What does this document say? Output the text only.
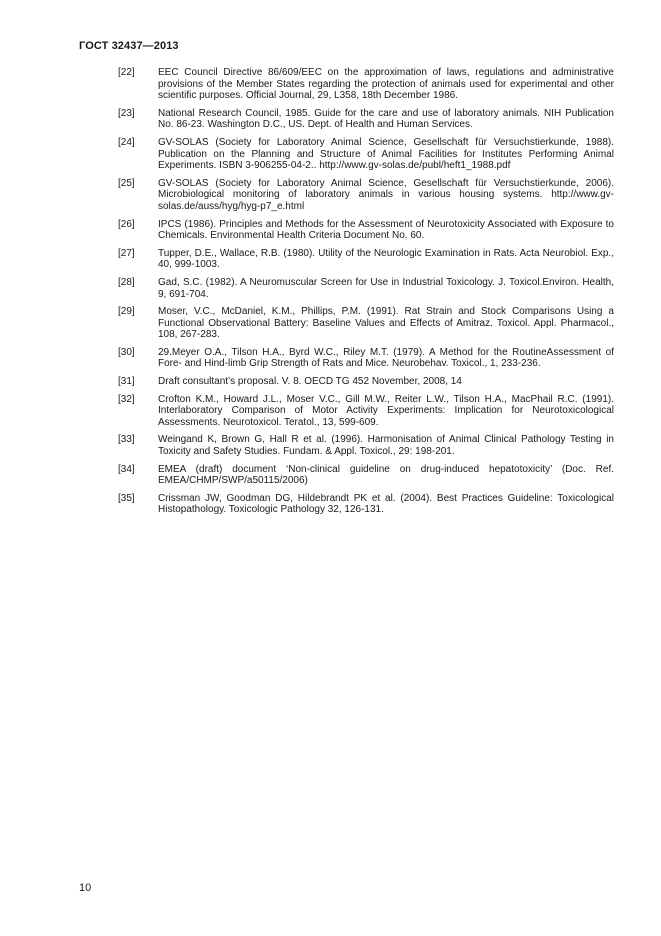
ГОСТ 32437—2013
[22] EEC Council Directive 86/609/EEC on the approximation of laws, regulations and administrative provisions of the Member States regarding the protection of animals used for experimental and other scientific purposes. Official Journal, 29, L358, 18th December 1986.
[23] National Research Council, 1985. Guide for the care and use of laboratory animals. NIH Publication No. 86-23. Washington D.C., US. Dept. of Health and Human Services.
[24] GV-SOLAS (Society for Laboratory Animal Science, Gesellschaft für Versuchstierkunde, 1988). Publication on the Planning and Structure of Animal Facilities for Institutes Performing Animal Experiments. ISBN 3-906255-04-2.. http://www.gv-solas.de/publ/heft1_1988.pdf
[25] GV-SOLAS (Society for Laboratory Animal Science, Gesellschaft für Versuchstierkunde, 2006). Microbiological monitoring of laboratory animals in various housing systems. http://www.gv-solas.de/auss/hyg/hyg-p7_e.html
[26] IPCS (1986). Principles and Methods for the Assessment of Neurotoxicity Associated with Exposure to Chemicals. Environmental Health Criteria Document No. 60.
[27] Tupper, D.E., Wallace, R.B. (1980). Utility of the Neurologic Examination in Rats. Acta Neurobiol. Exp., 40, 999-1003.
[28] Gad, S.C. (1982). A Neuromuscular Screen for Use in Industrial Toxicology. J. Toxicol.Environ. Health, 9, 691-704.
[29] Moser, V.C., McDaniel, K.M., Phillips, P.M. (1991). Rat Strain and Stock Comparisons Using a Functional Observational Battery: Baseline Values and Effects of Amitraz. Toxicol. Appl. Pharmacol., 108, 267-283.
[30] 29.Meyer O.A., Tilson H.A., Byrd W.C., Riley M.T. (1979). A Method for the RoutineAssessment of Fore- and Hind-limb Grip Strength of Rats and Mice. Neurobehav. Toxicol., 1, 233-236.
[31] Draft consultant’s proposal. V. 8. OECD TG 452 November, 2008, 14
[32] Crofton K.M., Howard J.L., Moser V.C., Gill M.W., Reiter L.W., Tilson H.A., MacPhail R.C. (1991). Interlaboratory Comparison of Motor Activity Experiments: Implication for Neurotoxicological Assessments. Neurotoxicol. Teratol., 13, 599-609.
[33] Weingand K, Brown G, Hall R et al. (1996). Harmonisation of Animal Clinical Pathology Testing in Toxicity and Safety Studies. Fundam. & Appl. Toxicol., 29: 198-201.
[34] EMEA (draft) document ‘Non-clinical guideline on drug-induced hepatotoxicity’ (Doc. Ref. EMEA/CHMP/SWP/a50115/2006)
[35] Crissman JW, Goodman DG, Hildebrandt PK et al. (2004). Best Practices Guideline: Toxicological Histopathology. Toxicologic Pathology 32, 126-131.
10
